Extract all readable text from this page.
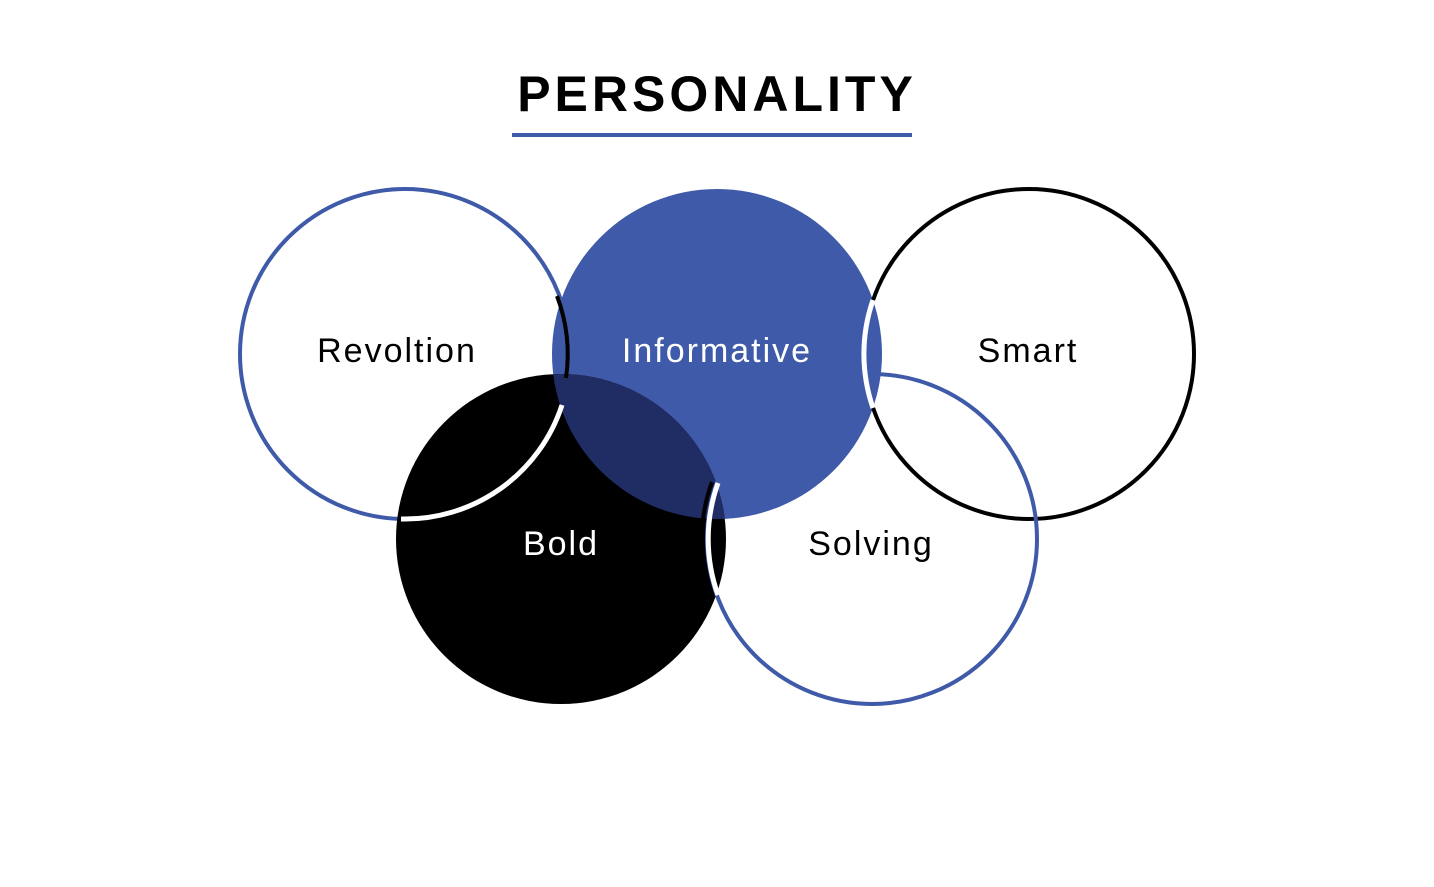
PERSONALITY
Revoltion	Informative	Smart
Bold	Solving
